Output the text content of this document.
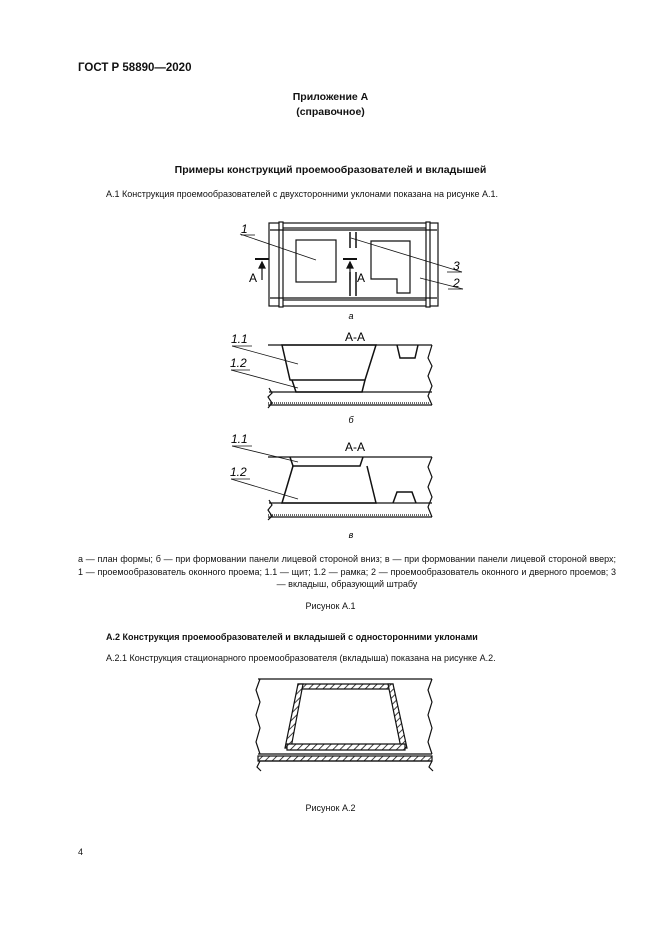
ГОСТ Р 58890—2020
Приложение А
(справочное)
Примеры конструкций проемообразователей и вкладышей
А.1 Конструкция проемообразователей с двухсторонними уклонами показана на рисунке А.1.
1
3
2
А	А
а
1.1
1.2
А-А
б
1.1
1.2
А-А
в
а — план формы; б — при формовании панели лицевой стороной вниз; в — при формовании панели лицевой стороной вверх; 1 — проемообразователь оконного проема; 1.1 — щит; 1.2 — рамка; 2 — проемообразователь оконного и дверного проемов; 3 — вкладыш, образующий штрабу
Рисунок А.1
А.2 Конструкция проемообразователей и вкладышей с односторонними уклонами
А.2.1 Конструкция стационарного проемообразователя (вкладыша) показана на рисунке А.2.
Рисунок А.2
4
